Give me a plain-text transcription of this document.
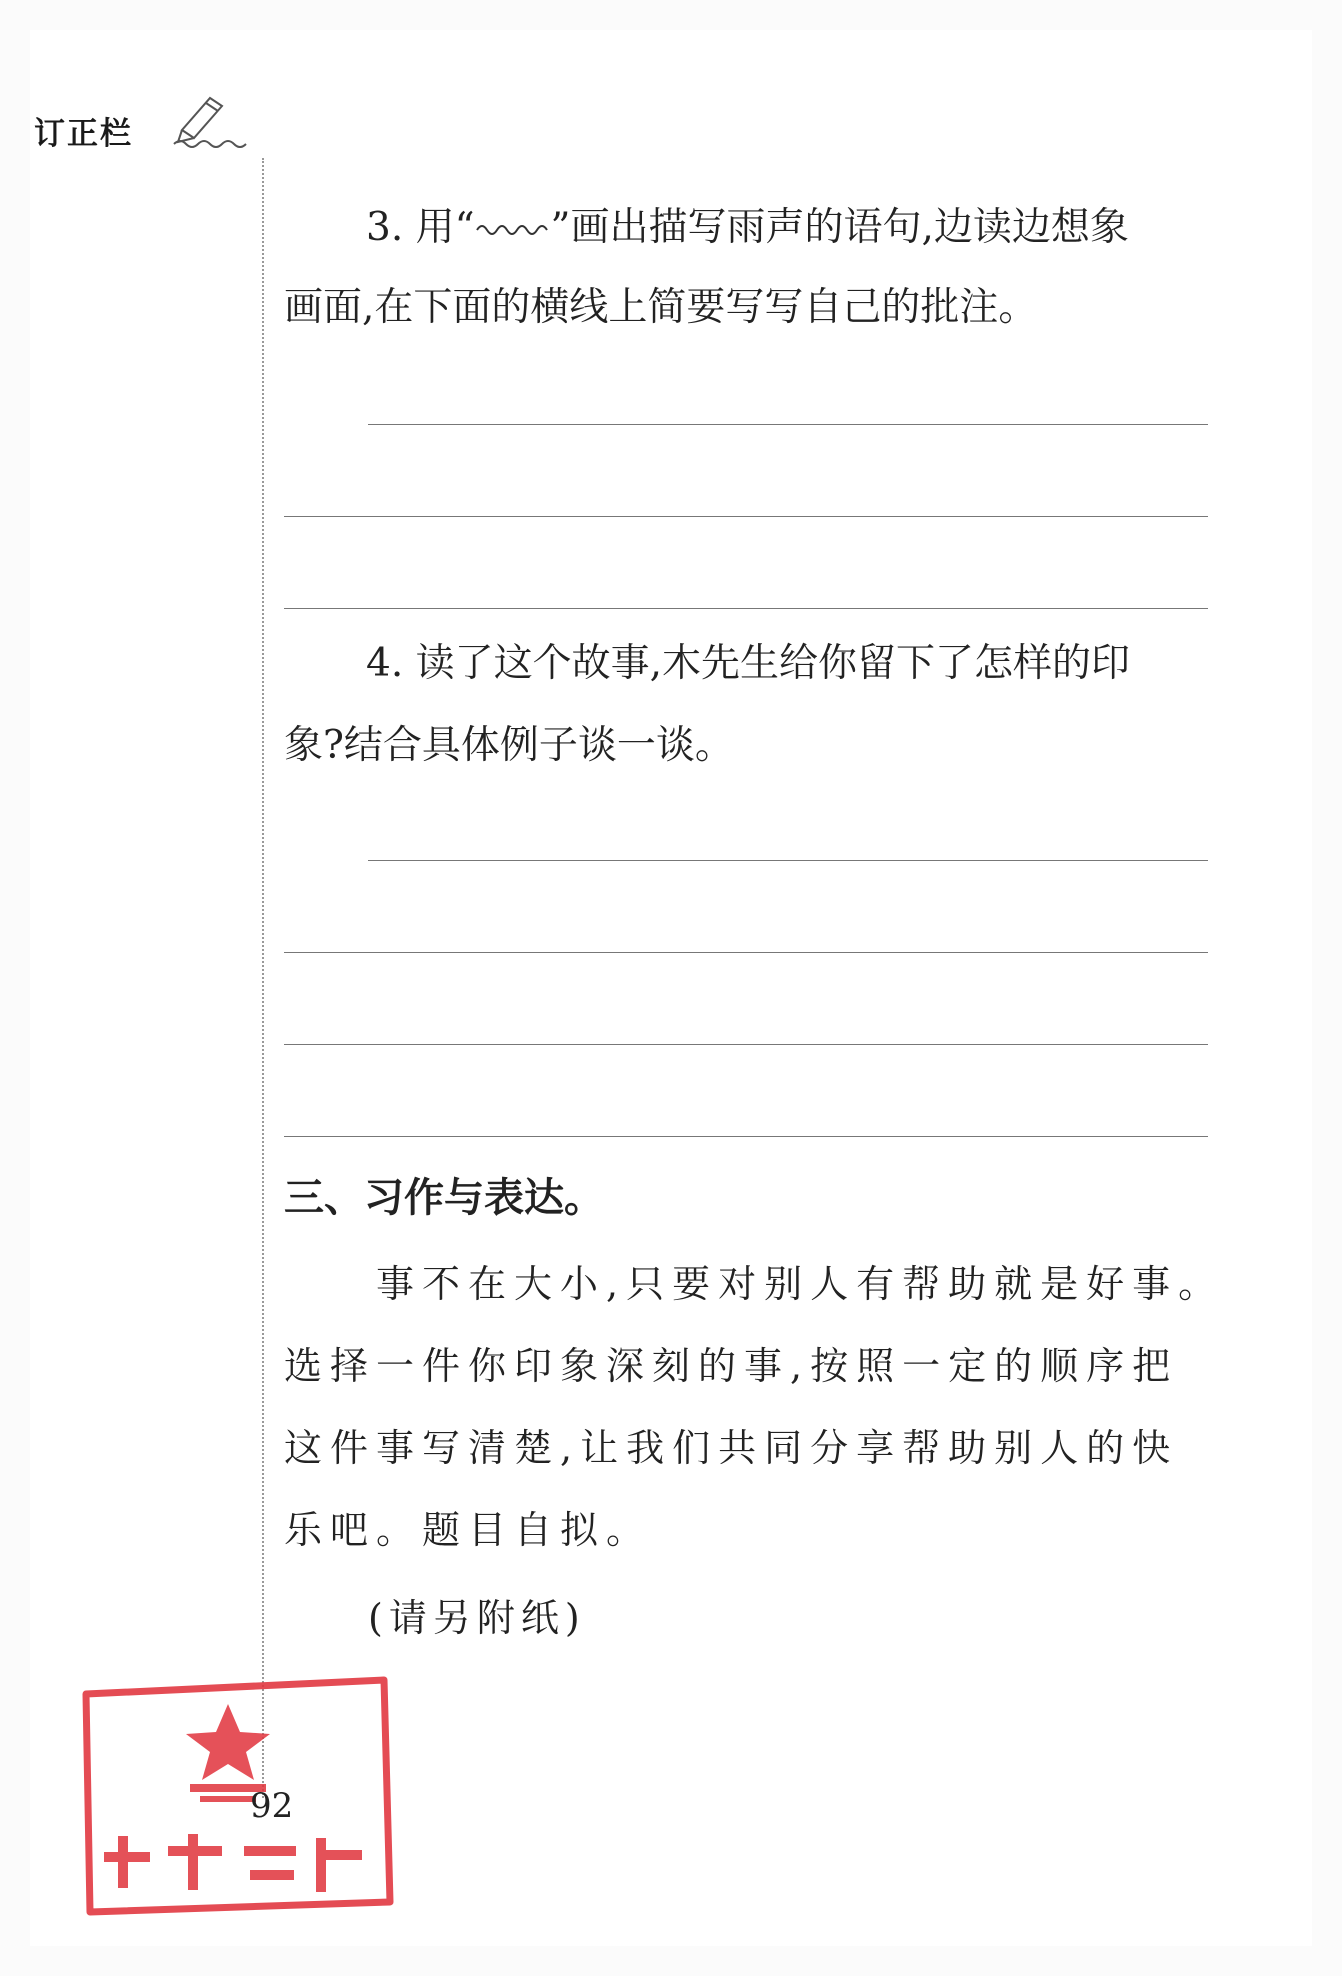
订正栏
3. 用“ ”画出描写雨声的语句,边读边想象
画面,在下面的横线上简要写写自己的批注。
4. 读了这个故事,木先生给你留下了怎样的印
象?结合具体例子谈一谈。
三、习作与表达。
事不在大小,只要对别人有帮助就是好事。
选择一件你印象深刻的事,按照一定的顺序把
这件事写清楚,让我们共同分享帮助别人的快
乐吧。题目自拟。
(请另附纸)
92
